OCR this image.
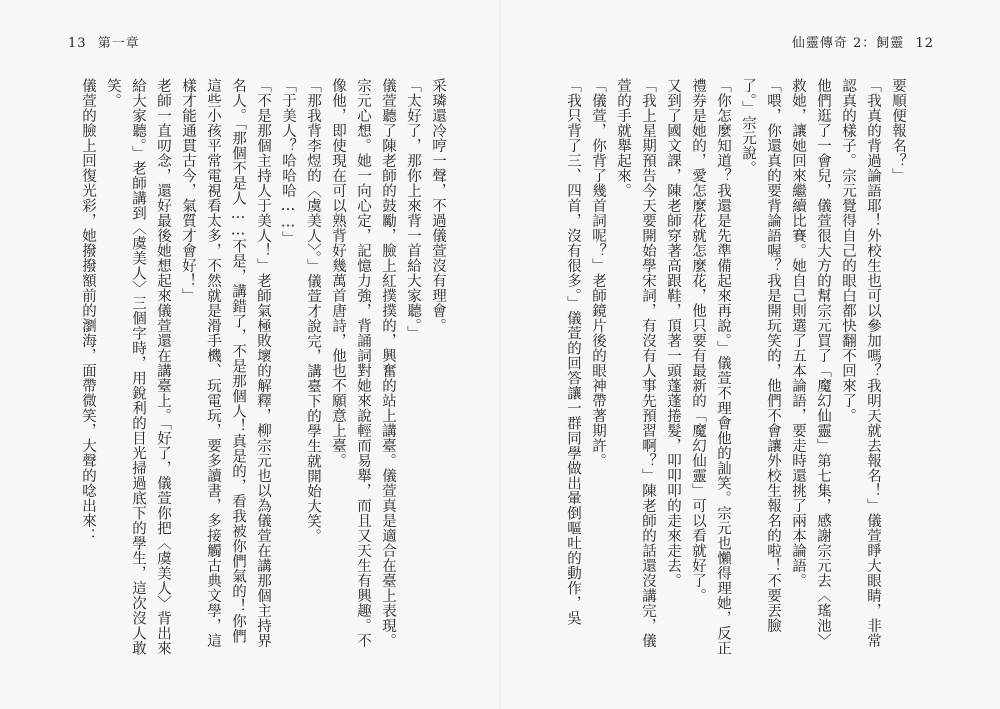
13 第一章	仙靈傳奇 2：飼靈 12

要順便報名？」

「我真的背過論語耶！外校生也可以參加嗎？我明天就去報名！」儀萱睜大眼睛，非常認真的樣子。宗元覺得自己的眼白都快翻不回來了。

他們逛了一會兒，儀萱很大方的幫宗元買了「魔幻仙靈」第七集，感謝宗元去〈瑤池〉救她，讓她回來繼續比賽。她自己則選了五本論語，要走時還挑了兩本論語。

「喂，你還真的要背論語喔？我是開玩笑的，他們不會讓外校生報名的啦！不要丟臉了。」宗元說。

「你怎麼知道？我還是先準備起來再說。」儀萱不理會他的訕笑。宗元也懶得理她，反正禮券是她的，愛怎麼花就怎麼花，他只要有最新的「魔幻仙靈」可以看就好了。

又到了國文課，陳老師穿著高跟鞋，頂著一頭蓬蓬捲髮，叩叩叩的走來走去。

「我上星期預告今天要開始學宋詞，有沒有人事先預習啊？」陳老師的話還沒講完，儀萱的手就舉起來。

「儀萱，你背了幾首詞呢？」老師鏡片後的眼神帶著期許。

「我只背了三、四首，沒有很多。」儀萱的回答讓一群同學做出暈倒嘔吐的動作，吳

采璘還冷哼一聲，不過儀萱沒有理會。

「太好了，那你上來背一首給大家聽。」

儀萱聽了陳老師的鼓勵，臉上紅撲撲的，興奮的站上講臺。儀萱真是適合在臺上表現。宗元心想。她一向心定，記憶力強，背誦詞對她來說輕而易舉，而且又天生有興趣。不像他，即使現在可以熟背好幾萬首唐詩，他也不願意上臺。

「那我背李煜的〈虞美人〉。」儀萱才說完，講臺下的學生就開始大笑。

「于美人？哈哈哈……」

「不是那個主持人于美人！」老師氣極敗壞的解釋，柳宗元也以為儀萱在講那個主持界名人。「那個不是人……不是，講錯了，不是那個人！真是的，看我被你們氣的！你們這些小孩平常電視看太多，不然就是滑手機、玩電玩，要多讀書，多接觸古典文學，這樣才能通貫古今，氣質才會好！」

老師一直叨念，還好最後她想起來儀萱還在講臺上。「好了，儀萱你把〈虞美人〉背出來給大家聽。」老師講到〈虞美人〉三個字時，用銳利的目光掃過底下的學生，這次沒人敢笑。

儀萱的臉上回復光彩，她撥撥額前的瀏海，面帶微笑，大聲的唸出來：
